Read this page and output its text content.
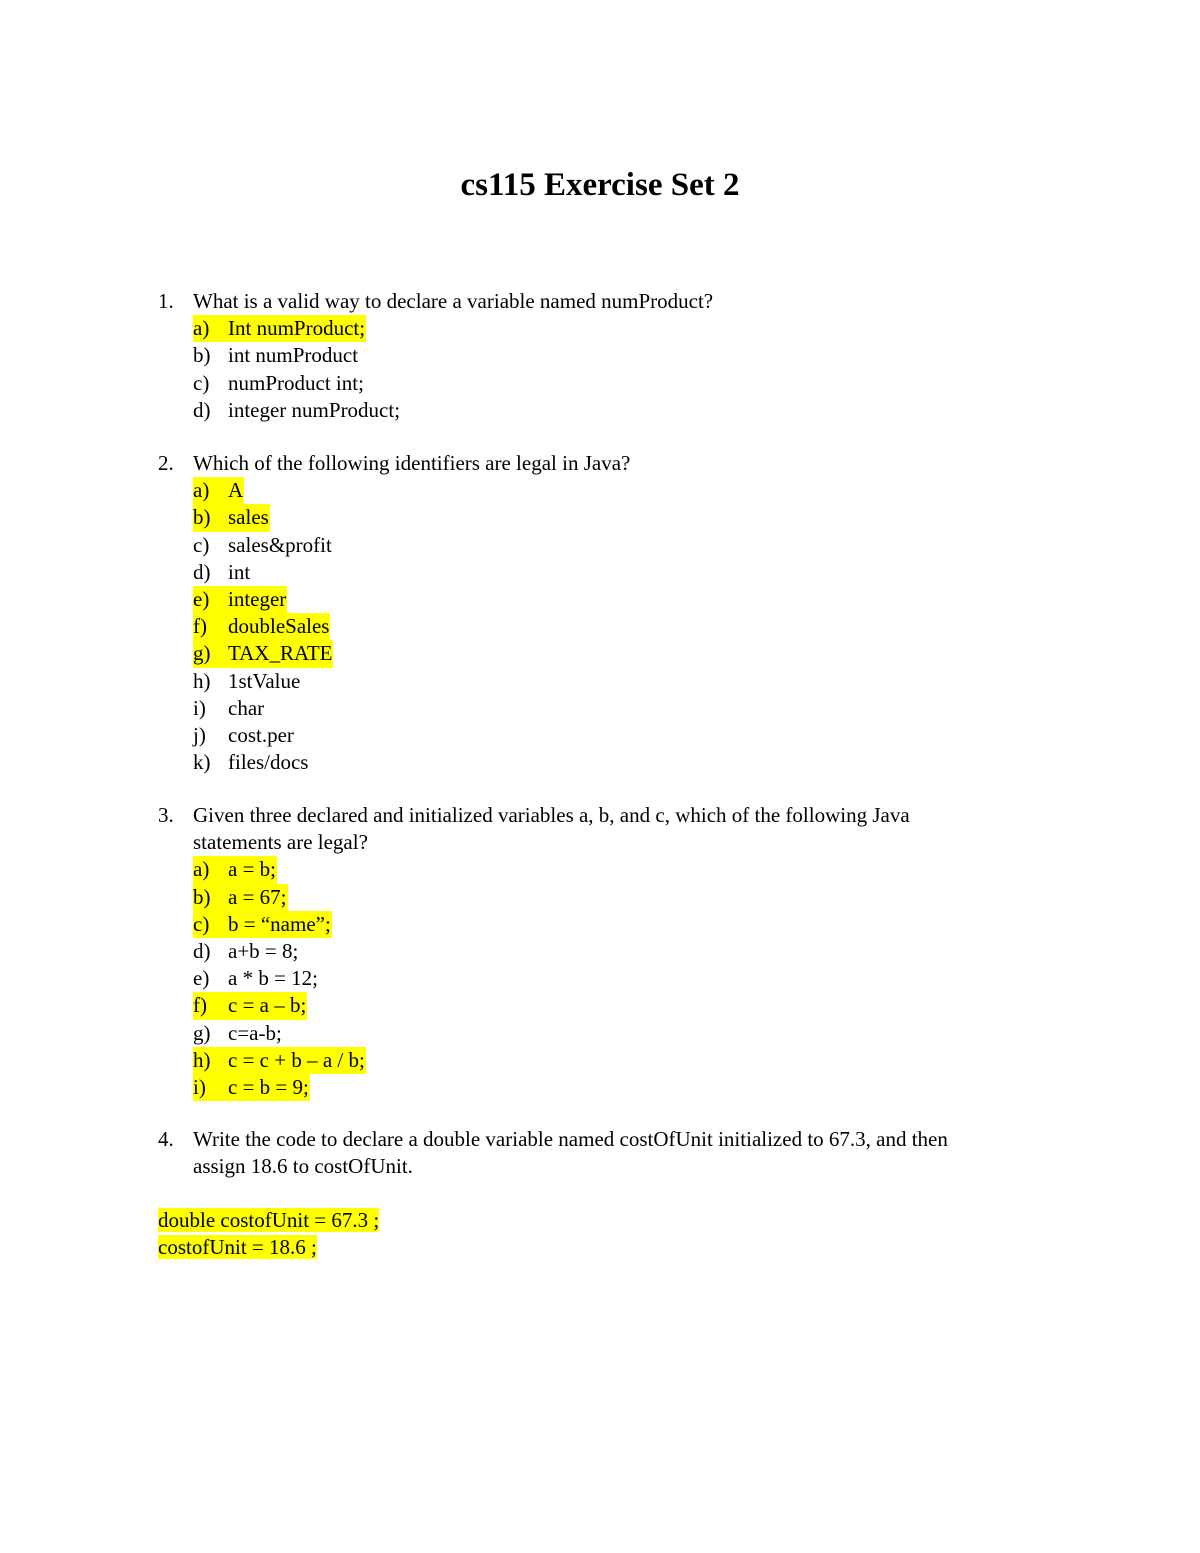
cs115 Exercise Set 2
1. What is a valid way to declare a variable named numProduct?
a) Int numProduct;
b) int numProduct
c) numProduct int;
d) integer numProduct;
2. Which of the following identifiers are legal in Java?
a) A
b) sales
c) sales&profit
d) int
e) integer
f) doubleSales
g) TAX_RATE
h) 1stValue
i) char
j) cost.per
k) files/docs
3. Given three declared and initialized variables a, b, and c, which of the following Java
statements are legal?
a) a = b;
b) a = 67;
c) b = “name”;
d) a+b = 8;
e) a * b = 12;
f) c = a – b;
g) c=a-b;
h) c = c + b – a / b;
i) c = b = 9;
4. Write the code to declare a double variable named costOfUnit initialized to 67.3, and then
assign 18.6 to costOfUnit.
double costofUnit = 67.3 ;
costofUnit = 18.6 ;
